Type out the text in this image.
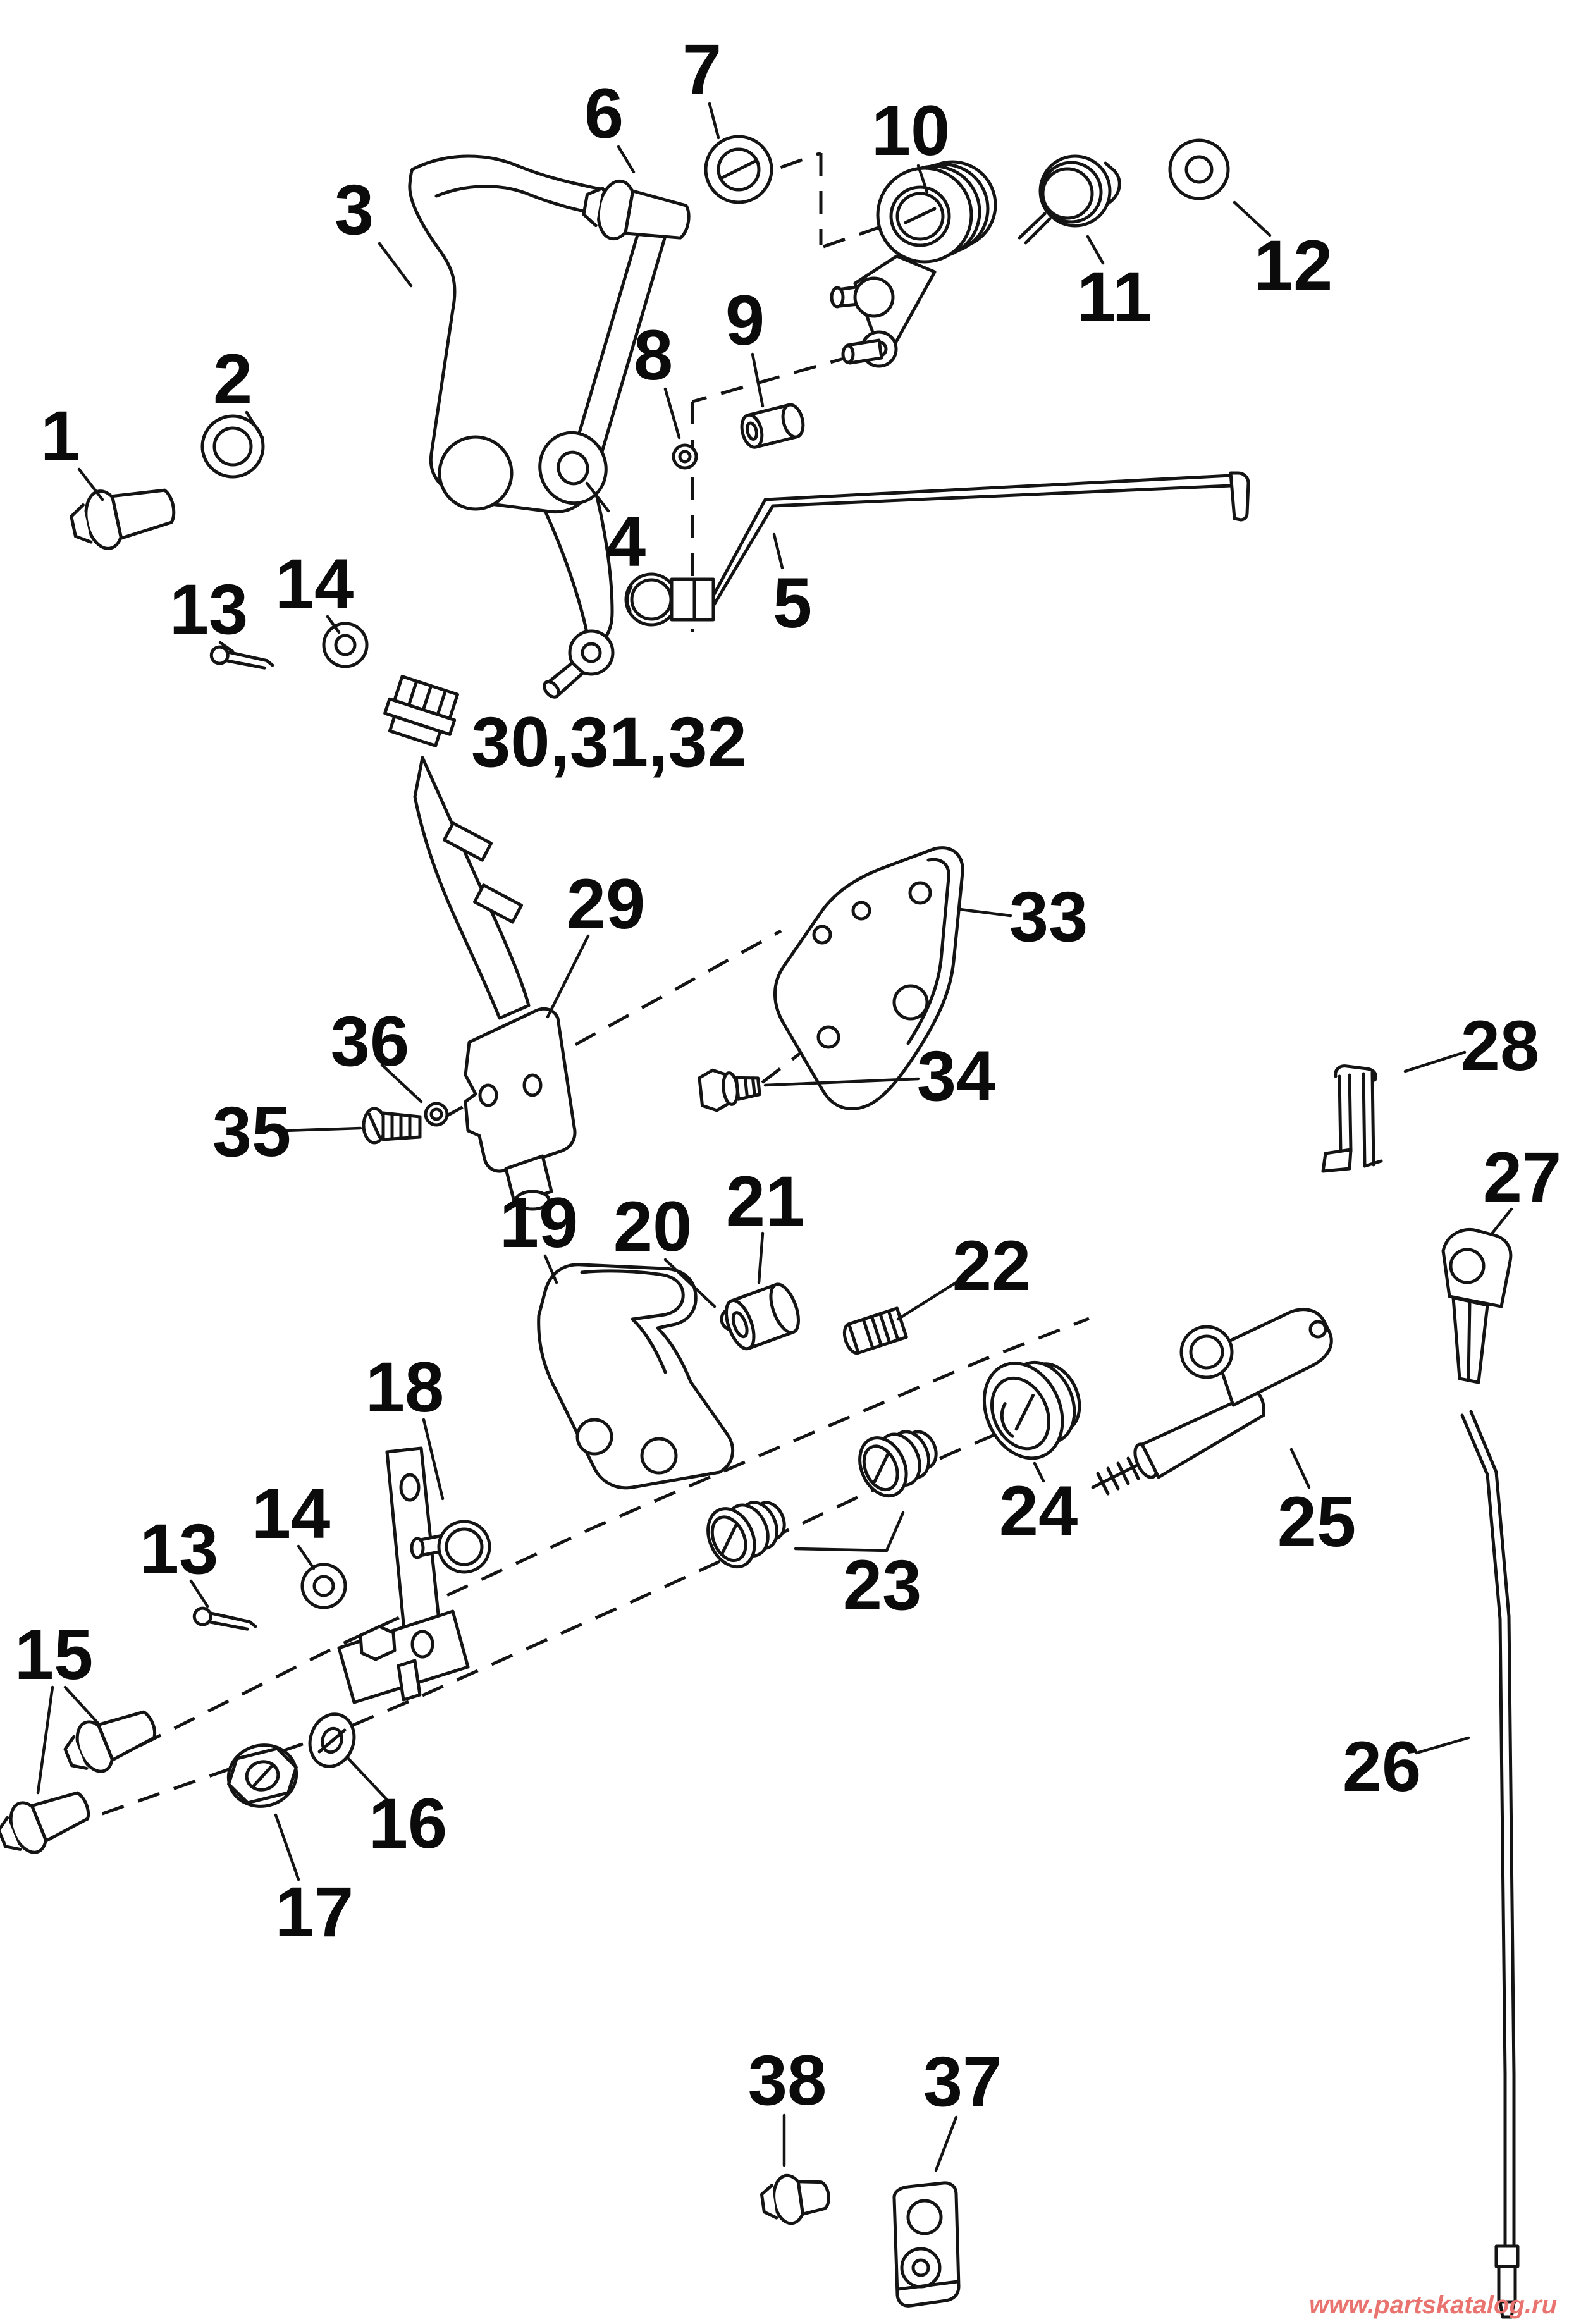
1
2
3
4
5
6
7
8 9
10
11 12
13 14
30,31,32
29	33
34
35
36	28
27
21
22
20
19
18
13 14
15
16
17
23
24	25
26
37
38
www.partskatalog.ru
